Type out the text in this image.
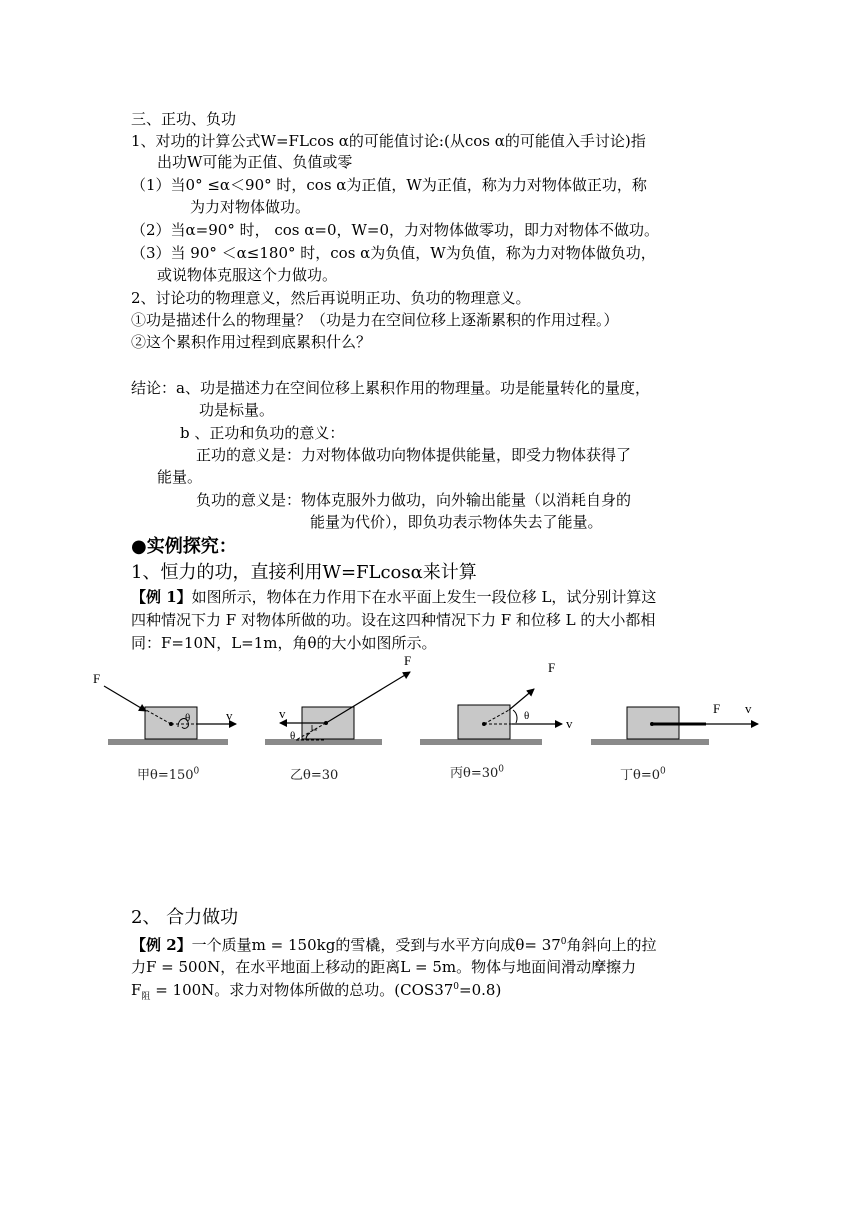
三、正功、负功
1、对功的计算公式W=FLcos α的可能值讨论:(从cos α的可能值入手讨论)指
出功W可能为正值、负值或零
（1）当0° ≤α＜90° 时，cos α为正值，W为正值，称为力对物体做正功，称
为力对物体做功。
（2）当α=90° 时， cos α=0，W=0，力对物体做零功，即力对物体不做功。
（3）当 90° ＜α≤180° 时，cos α为负值，W为负值，称为力对物体做负功，
或说物体克服这个力做功。
2、讨论功的物理意义，然后再说明正功、负功的物理意义。
①功是描述什么的物理量？（功是力在空间位移上逐渐累积的作用过程。）
②这个累积作用过程到底累积什么？
结论：a、功是描述力在空间位移上累积作用的物理量。功是能量转化的量度，
功是标量。
b 、正功和负功的意义：
正功的意义是：力对物体做功向物体提供能量，即受力物体获得了
能量。
负功的意义是：物体克服外力做功，向外输出能量（以消耗自身的
能量为代价），即负功表示物体失去了能量。
●实例探究：
1、恒力的功，直接利用W=FLcosα来计算
【例 1】如图所示，物体在力作用下在水平面上发生一段位移 L，试分别计算这
四种情况下力 F 对物体所做的功。设在这四种情况下力 F 和位移 L 的大小都相
同：F=10N，L=1m，角θ的大小如图所示。
F
v
θ
F
v
θ
F
v
θ	F v
甲$\theta=150^0$	乙θ=30	丙$\theta=30^0$	丁$\theta=0^0$
2、 合力做功
【例 2】一个质量m = 150kg的雪橇，受到与水平方向成$\theta= 37^0$角斜向上的拉
力F = 500N，在水平地面上移动的距离L = 5m。物体与地面间滑动摩擦力
$F_阻 = 100N$。求力对物体所做的总功。$(COS37^0=0.8)$
